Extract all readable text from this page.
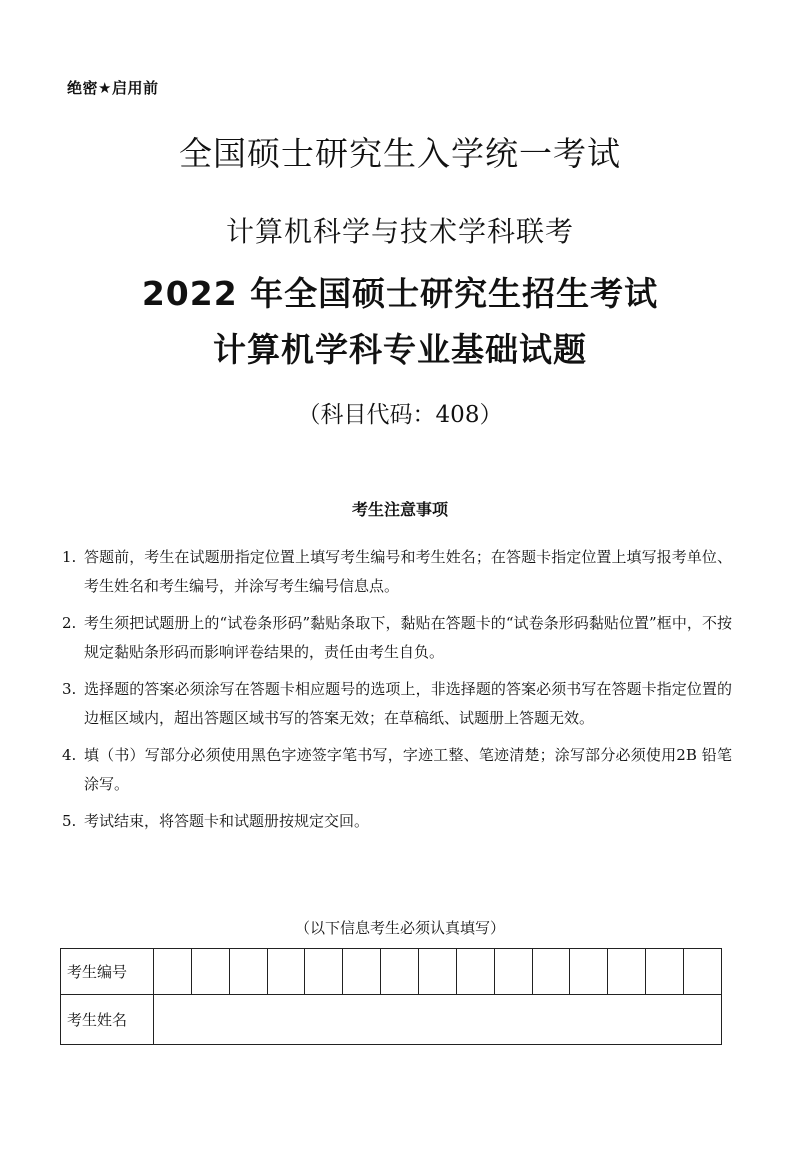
绝密★启用前
全国硕士研究生入学统一考试
计算机科学与技术学科联考
2022 年全国硕士研究生招生考试
计算机学科专业基础试题
（科目代码：408）
考生注意事项
1. 答题前，考生在试题册指定位置上填写考生编号和考生姓名；在答题卡指定位置上填写报考单位、考生姓名和考生编号，并涂写考生编号信息点。
2. 考生须把试题册上的“试卷条形码”黏贴条取下，黏贴在答题卡的“试卷条形码黏贴位置”框中，不按规定黏贴条形码而影响评卷结果的，责任由考生自负。
3. 选择题的答案必须涂写在答题卡相应题号的选项上，非选择题的答案必须书写在答题卡指定位置的边框区域内，超出答题区域书写的答案无效；在草稿纸、试题册上答题无效。
4. 填（书）写部分必须使用黑色字迹签字笔书写，字迹工整、笔迹清楚；涂写部分必须使用2B 铅笔涂写。
5. 考试结束，将答题卡和试题册按规定交回。
（以下信息考生必须认真填写）
考生编号															
考生姓名															
